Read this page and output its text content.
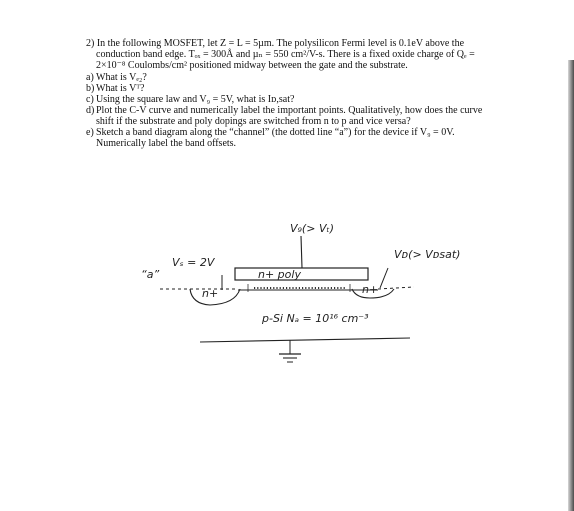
2) In the following MOSFET, let Z = L = 5µm. The polysilicon Fermi level is 0.1eV above the conduction band edge. Tₒₓ = 300Å and µₙ = 550 cm²/V-s. There is a fixed oxide charge of Qₑ = 2×10⁻⁸ Coulombs/cm² positioned midway between the gate and the substrate.

a) What is Vₑ₂?
b) What is Vᵀ?
c) Using the square law and V₉ = 5V, what is Iᴅ,sat?
d) Plot the C-V curve and numerically label the important points. Qualitatively, how does the curve shift if the substrate and poly dopings are switched from n to p and vice versa?
e) Sketch a band diagram along the “channel” (the dotted line “a”) for the device if V₉ = 0V. Numerically label the band offsets.
V₉(> Vₜ)
n+ poly
Vₛ = 2V
Vᴅ(> Vᴅsat)
“a”
n+	n+
p-Si Nₐ = 10¹⁶ cm⁻³
